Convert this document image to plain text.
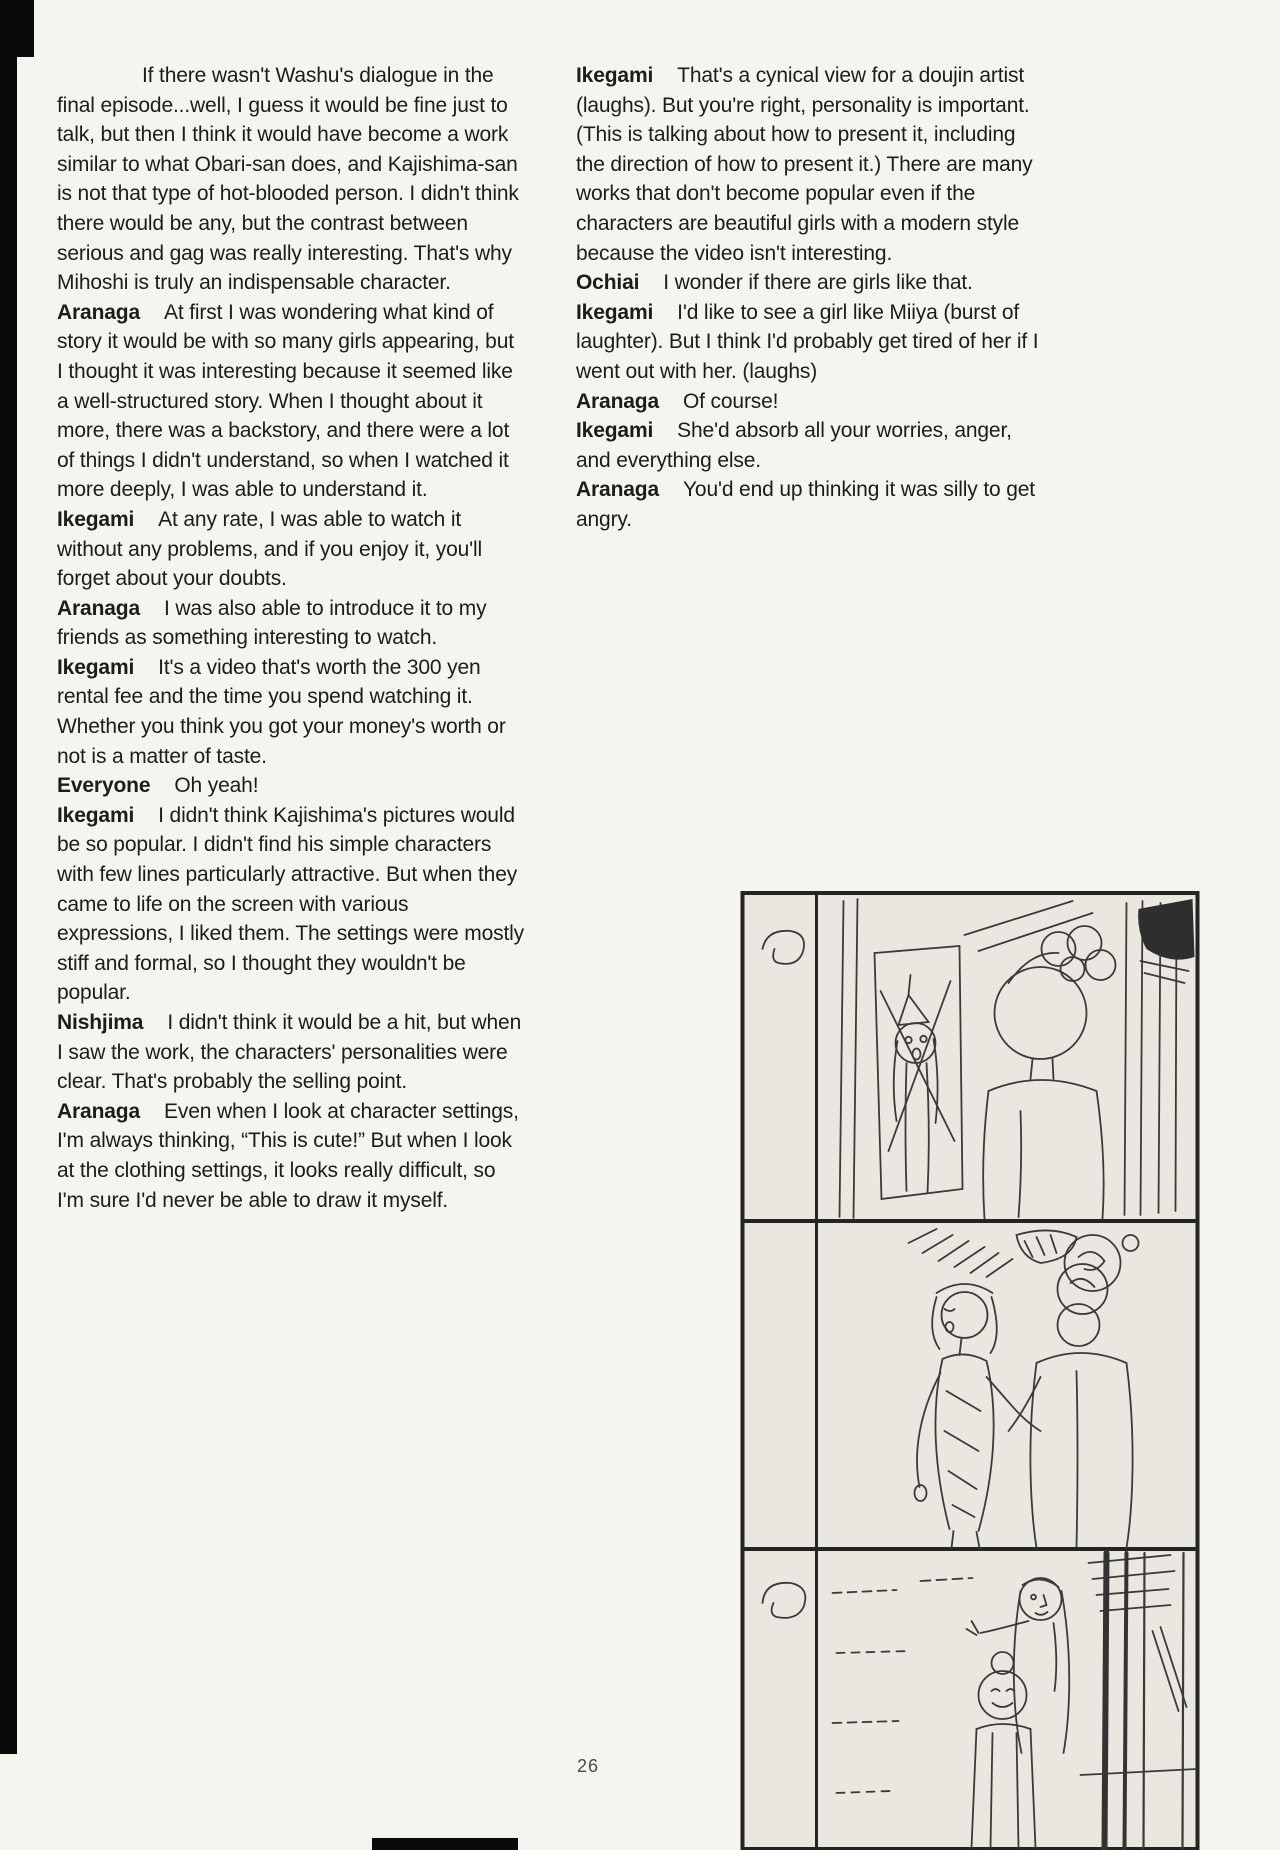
If there wasn't Washu's dialogue in the final episode...well, I guess it would be fine just to talk, but then I think it would have become a work similar to what Obari-san does, and Kajishima-san is not that type of hot-blooded person. I didn't think there would be any, but the contrast between serious and gag was really interesting. That's why Mihoshi is truly an indispensable character.

Aranaga At first I was wondering what kind of story it would be with so many girls appearing, but I thought it was interesting because it seemed like a well-structured story. When I thought about it more, there was a backstory, and there were a lot of things I didn't understand, so when I watched it more deeply, I was able to understand it.

Ikegami At any rate, I was able to watch it without any problems, and if you enjoy it, you'll forget about your doubts.

Aranaga I was also able to introduce it to my friends as something interesting to watch.

Ikegami It's a video that's worth the 300 yen rental fee and the time you spend watching it. Whether you think you got your money's worth or not is a matter of taste.

Everyone Oh yeah!

Ikegami I didn't think Kajishima's pictures would be so popular. I didn't find his simple characters with few lines particularly attractive. But when they came to life on the screen with various expressions, I liked them. The settings were mostly stiff and formal, so I thought they wouldn't be popular.

Nishjima I didn't think it would be a hit, but when I saw the work, the characters' personalities were clear. That's probably the selling point.

Aranaga Even when I look at character settings, I'm always thinking, “This is cute!” But when I look at the clothing settings, it looks really difficult, so I'm sure I'd never be able to draw it myself.

Ikegami That's a cynical view for a doujin artist (laughs). But you're right, personality is important. (This is talking about how to present it, including the direction of how to present it.) There are many works that don't become popular even if the characters are beautiful girls with a modern style because the video isn't interesting.

Ochiai I wonder if there are girls like that.

Ikegami I'd like to see a girl like Miiya (burst of laughter). But I think I'd probably get tired of her if I went out with her. (laughs)

Aranaga Of course!

Ikegami She'd absorb all your worries, anger, and everything else.

Aranaga You'd end up thinking it was silly to get angry.

26
